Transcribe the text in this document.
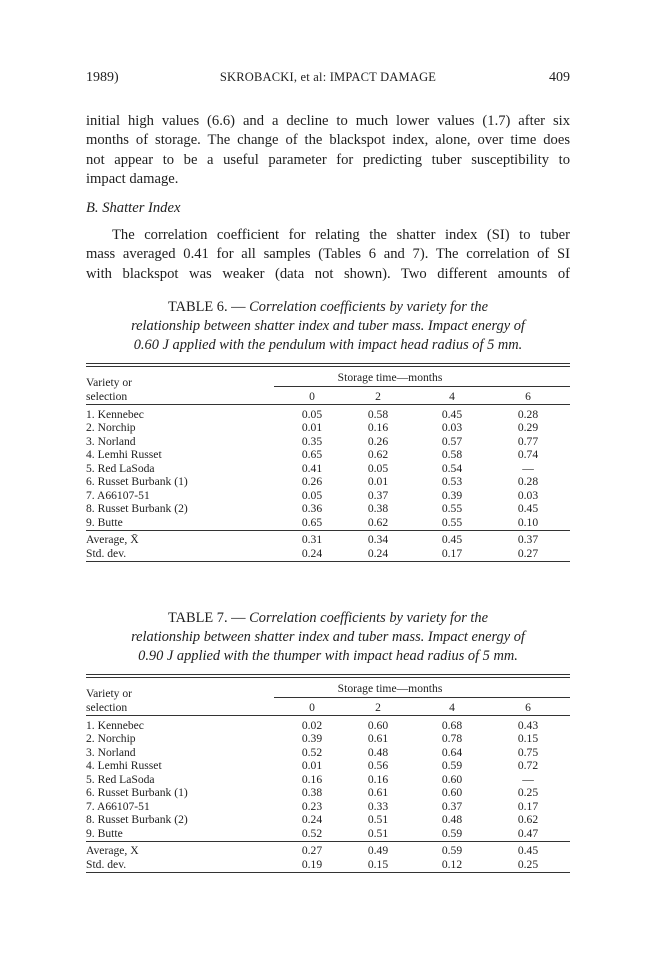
1989)	SKROBACKI, et al: IMPACT DAMAGE	409
initial high values (6.6) and a decline to much lower values (1.7) after six
months of storage. The change of the blackspot index, alone, over time does
not appear to be a useful parameter for predicting tuber susceptibility to
impact damage.
B. Shatter Index
The correlation coefficient for relating the shatter index (SI) to tuber
mass averaged 0.41 for all samples (Tables 6 and 7). The correlation of SI
with blackspot was weaker (data not shown). Two different amounts of
TABLE 6. — Correlation coefficients by variety for the
relationship between shatter index and tuber mass. Impact energy of
0.60 J applied with the pendulum with impact head radius of 5 mm.
Variety or	Storage time—months
selection	0	2	4	6
1. Kennebec	0.05	0.58	0.45	0.28
2. Norchip	0.01	0.16	0.03	0.29
3. Norland	0.35	0.26	0.57	0.77
4. Lemhi Russet	0.65	0.62	0.58	0.74
5. Red LaSoda	0.41	0.05	0.54	—
6. Russet Burbank (1)	0.26	0.01	0.53	0.28
7. A66107-51	0.05	0.37	0.39	0.03
8. Russet Burbank (2)	0.36	0.38	0.55	0.45
9. Butte	0.65	0.62	0.55	0.10
Average, X̄	0.31	0.34	0.45	0.37
Std. dev.	0.24	0.24	0.17	0.27
TABLE 7. — Correlation coefficients by variety for the
relationship between shatter index and tuber mass. Impact energy of
0.90 J applied with the thumper with impact head radius of 5 mm.
Variety or	Storage time—months
selection	0	2	4	6
1. Kennebec	0.02	0.60	0.68	0.43
2. Norchip	0.39	0.61	0.78	0.15
3. Norland	0.52	0.48	0.64	0.75
4. Lemhi Russet	0.01	0.56	0.59	0.72
5. Red LaSoda	0.16	0.16	0.60	—
6. Russet Burbank (1)	0.38	0.61	0.60	0.25
7. A66107-51	0.23	0.33	0.37	0.17
8. Russet Burbank (2)	0.24	0.51	0.48	0.62
9. Butte	0.52	0.51	0.59	0.47
Average, X	0.27	0.49	0.59	0.45
Std. dev.	0.19	0.15	0.12	0.25
